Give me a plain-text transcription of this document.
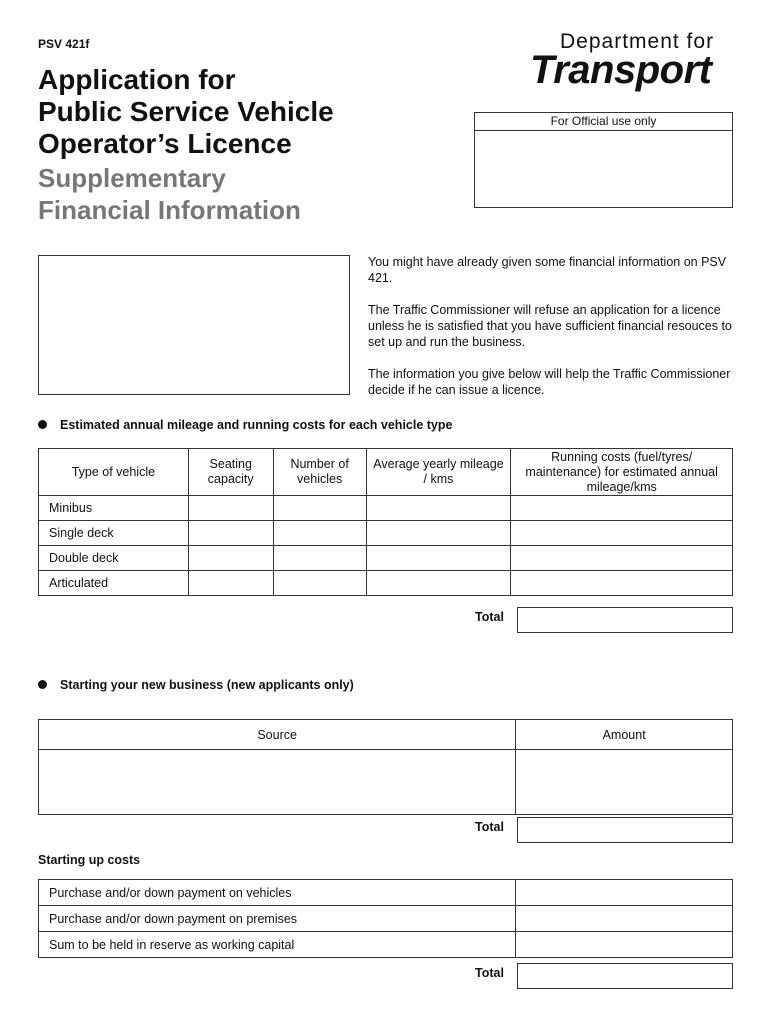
PSV 421f
Application for
Public Service Vehicle
Operator’s Licence
Supplementary
Financial Information
Department for
Transport
For Official use only

You might have already given some financial information on PSV 421.

The Traffic Commissioner will refuse an application for a licence unless he is satisfied that you have sufficient financial resouces to set up and run the business.

The information you give below will help the Traffic Commissioner decide if he can issue a licence.

Estimated annual mileage and running costs for each vehicle type
Type of vehicle	Seating capacity	Number of vehicles	Average yearly mileage / kms	Running costs (fuel/tyres/ maintenance) for estimated annual mileage/kms
Minibus				
Single deck				
Double deck				
Articulated				
Total
Starting your new business (new applicants only)
Source	Amount

Total
Starting up costs
Purchase and/or down payment on vehicles	
Purchase and/or down payment on premises	
Sum to be held in reserve as working capital	
Total
